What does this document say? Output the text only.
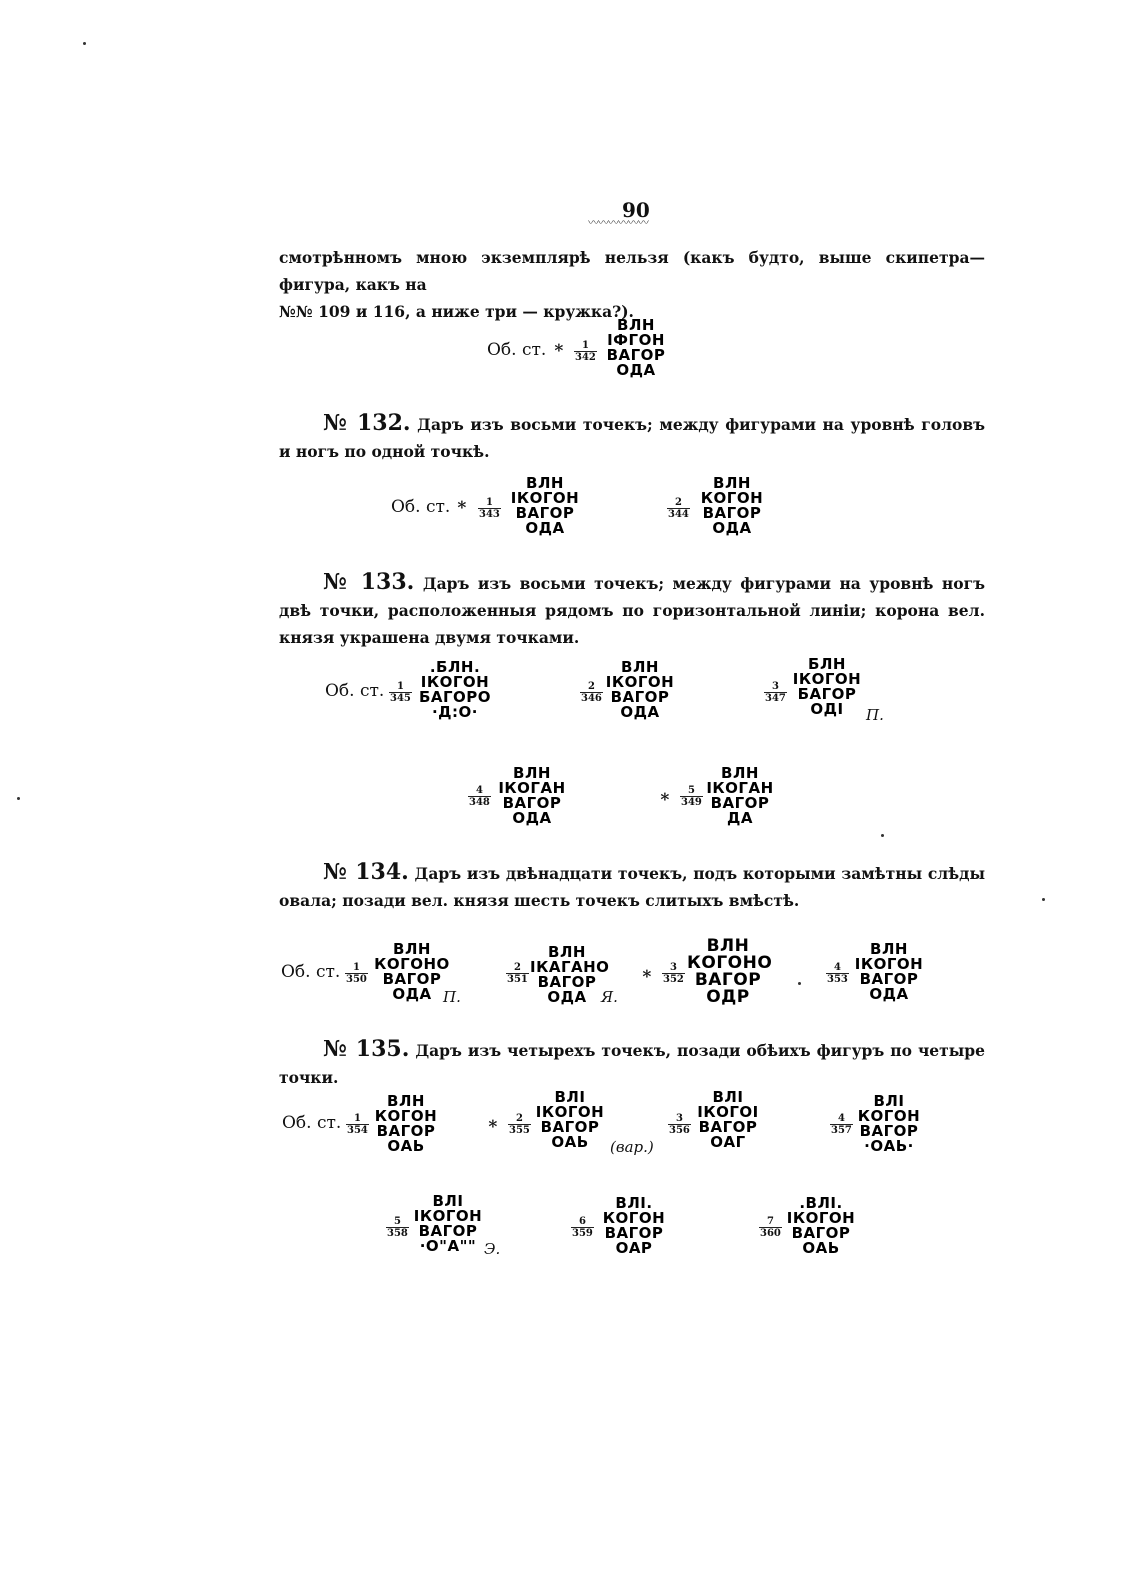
90
〰〰〰〰〰〰
смотрѣнномъ мною экземплярѣ нельзя (какъ будто, выше скипетра—фигура, какъ на
№№ 109 и 116, а ниже три — кружка?).
Об. ст. ∗ $\frac{1}{342}$
ВЛН
ІФГОН
ВАГОР
ОДА
№ 132. Даръ изъ восьми точекъ; между фигурами на уровнѣ головъ и ногъ по одной точкѣ.
Об. ст. ∗ $\frac{1}{343}$
ВЛН
ІКОГОН
ВАГОР
ОДА
$\frac{2}{344}$
ВЛН
КОГОН
ВАГОР
ОДА
№ 133. Даръ изъ восьми точекъ; между фигурами на уровнѣ ногъ двѣ точки, расположенныя рядомъ по горизонтальной линіи; корона вел. князя украшена двумя точками.
Об. ст. $\frac{1}{345}$
.БЛН.
ІКОГОН
БАГОРО
·Д:О·
$\frac{2}{346}$
ВЛН
ІКОГОН
ВАГОР
ОДА
$\frac{3}{347}$
БЛН
ІКОГОН
БАГОР
ОДІ	П.
$\frac{4}{348}$
ВЛН
ІКОГАН
ВАГОР
ОДА
∗ $\frac{5}{349}$
ВЛН
ІКОГАН
ВАГОР
ДА
№ 134. Даръ изъ двѣнадцати точекъ, подъ которыми замѣтны слѣды овала; позади вел. князя шесть точекъ слитыхъ вмѣстѣ.
Об. ст. $\frac{1}{350}$
ВЛН
КОГОНО
ВАГОР
ОДА П.
$\frac{2}{351}$
ВЛН
ІКАГАНО
ВАГОР
ОДА Я.
∗ $\frac{3}{352}$
ВЛН
КОГОНО
ВАГОР
ОДР
$\frac{4}{353}$
ВЛН
ІКОГОН
ВАГОР
ОДА
№ 135. Даръ изъ четырехъ точекъ, позади обѣихъ фигуръ по четыре точки.
Об. ст. $\frac{1}{354}$
ВЛН
КОГОН
ВАГОР
ОАЬ
∗ $\frac{2}{355}$
ВЛІ
ІКОГОН
ВАГОР
ОАЬ	(вар.)
$\frac{3}{356}$
ВЛІ
ІКОГОІ
ВАГОР
ОАГ
$\frac{4}{357}$
ВЛІ
КОГОН
ВАГОР
·ОАЬ·
$\frac{5}{358}$
ВЛІ
ІКОГОН
ВАГОР
·О"А"" Э.
$\frac{6}{359}$
ВЛІ.
КОГОН
ВАГОР
ОАР
$\frac{7}{360}$
.ВЛІ.
ІКОГОН
ВАГОР
ОАЬ
